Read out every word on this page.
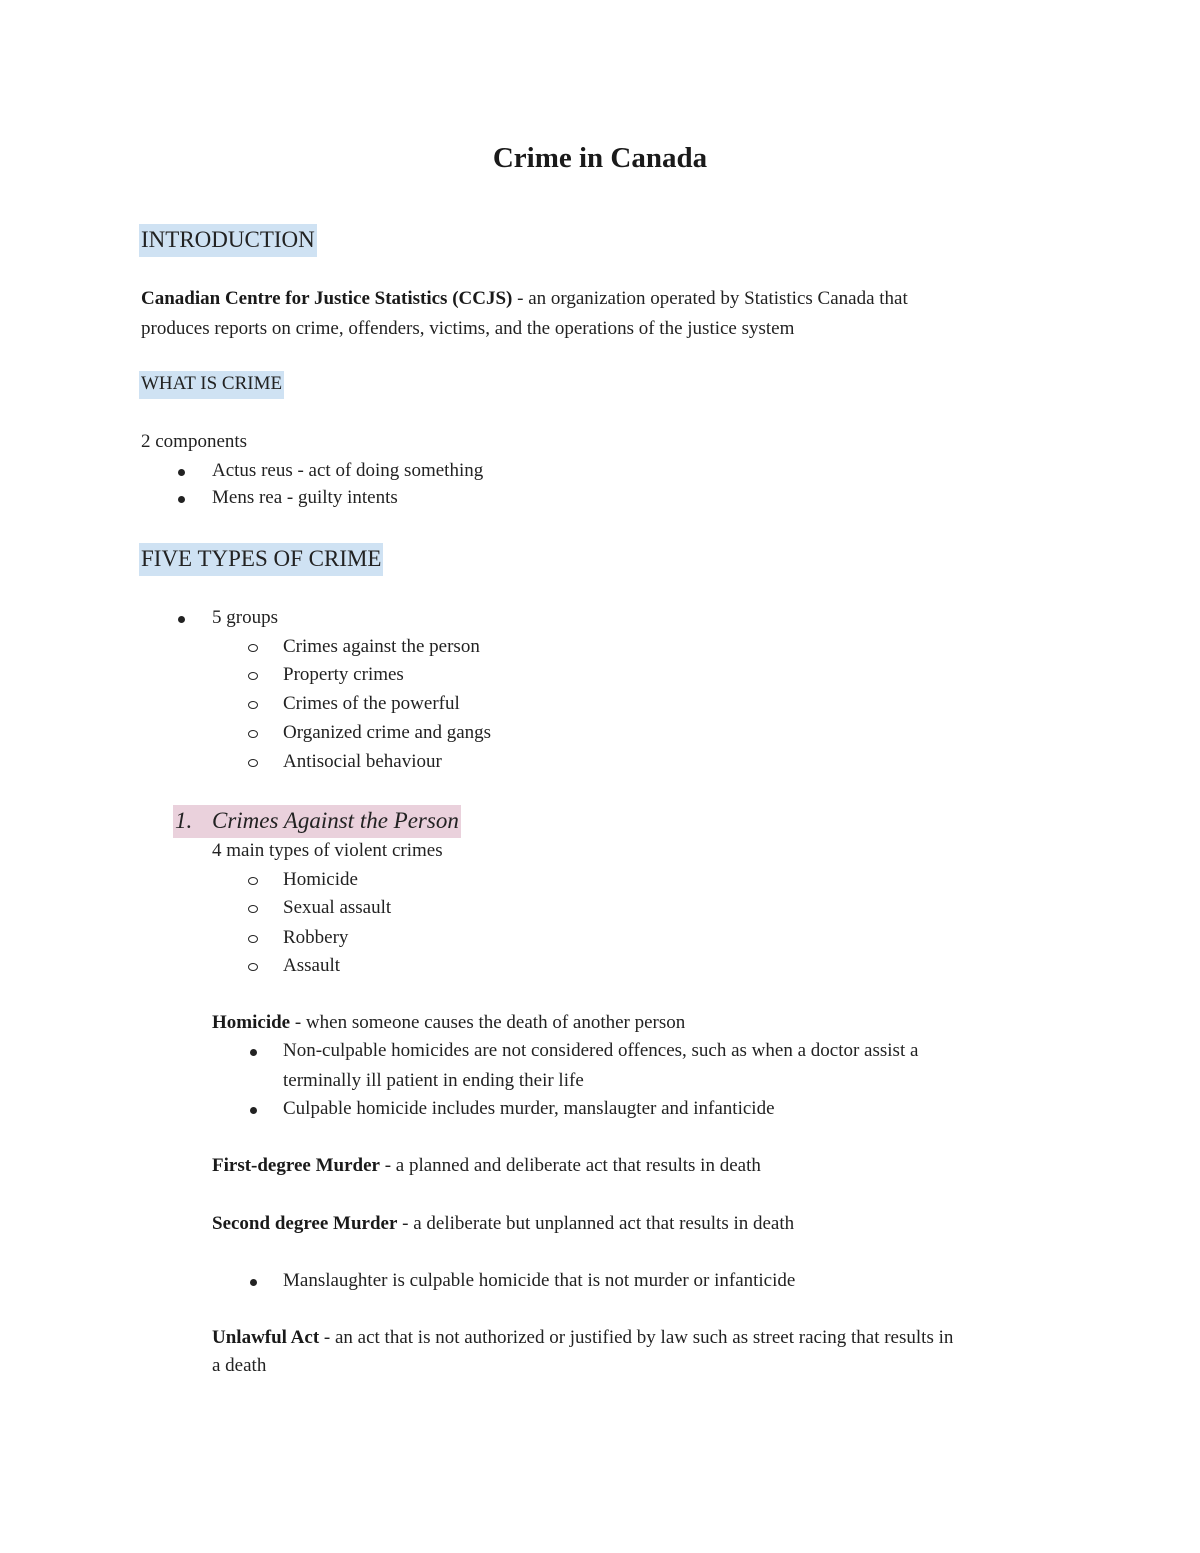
Crime in Canada
INTRODUCTION
Canadian Centre for Justice Statistics (CCJS) - an organization operated by Statistics Canada that
produces reports on crime, offenders, victims, and the operations of the justice system
WHAT IS CRIME
2 components
Actus reus - act of doing something
Mens rea - guilty intents
FIVE TYPES OF CRIME
5 groups
Crimes against the person
Property crimes
Crimes of the powerful
Organized crime and gangs
Antisocial behaviour
1. Crimes Against the Person
4 main types of violent crimes
Homicide
Sexual assault
Robbery
Assault
Homicide - when someone causes the death of another person
Non-culpable homicides are not considered offences, such as when a doctor assist a
terminally ill patient in ending their life
Culpable homicide includes murder, manslaugter and infanticide
First-degree Murder - a planned and deliberate act that results in death
Second degree Murder - a deliberate but unplanned act that results in death
Manslaughter is culpable homicide that is not murder or infanticide
Unlawful Act - an act that is not authorized or justified by law such as street racing that results in
a death
